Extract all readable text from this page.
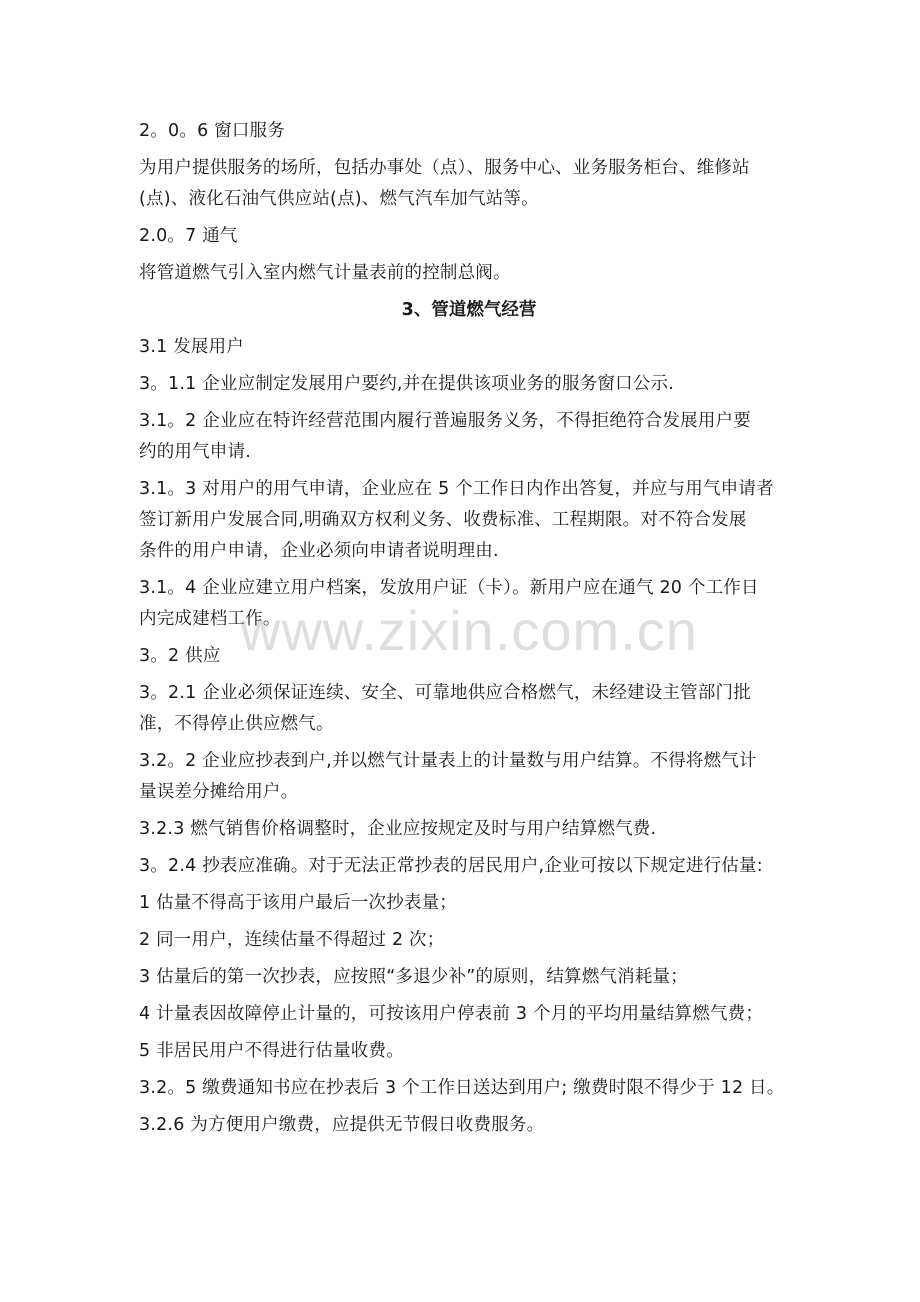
2。0。6 窗口服务
为用户提供服务的场所，包括办事处（点）、服务中心、业务服务柜台、维修站
(点)、液化石油气供应站(点)、燃气汽车加气站等。
2.0。7 通气
将管道燃气引入室内燃气计量表前的控制总阀。
3、管道燃气经营
3.1 发展用户
3。1.1 企业应制定发展用户要约,并在提供该项业务的服务窗口公示.
3.1。2 企业应在特许经营范围内履行普遍服务义务，不得拒绝符合发展用户要
约的用气申请.
3.1。3 对用户的用气申请，企业应在 5 个工作日内作出答复，并应与用气申请者
签订新用户发展合同,明确双方权利义务、收费标准、工程期限。对不符合发展
条件的用户申请，企业必须向申请者说明理由.
3.1。4 企业应建立用户档案，发放用户证（卡）。新用户应在通气 20 个工作日
内完成建档工作。
3。2 供应
3。2.1 企业必须保证连续、安全、可靠地供应合格燃气，未经建设主管部门批
准，不得停止供应燃气。
3.2。2 企业应抄表到户,并以燃气计量表上的计量数与用户结算。不得将燃气计
量误差分摊给用户。
3.2.3 燃气销售价格调整时，企业应按规定及时与用户结算燃气费.
3。2.4 抄表应准确。对于无法正常抄表的居民用户,企业可按以下规定进行估量:
1 估量不得高于该用户最后一次抄表量；
2 同一用户，连续估量不得超过 2 次；
3 估量后的第一次抄表，应按照“多退少补”的原则，结算燃气消耗量；
4 计量表因故障停止计量的，可按该用户停表前 3 个月的平均用量结算燃气费；
5 非居民用户不得进行估量收费。
3.2。5 缴费通知书应在抄表后 3 个工作日送达到用户; 缴费时限不得少于 12 日。
3.2.6 为方便用户缴费，应提供无节假日收费服务。
www.zixin.com.cn
